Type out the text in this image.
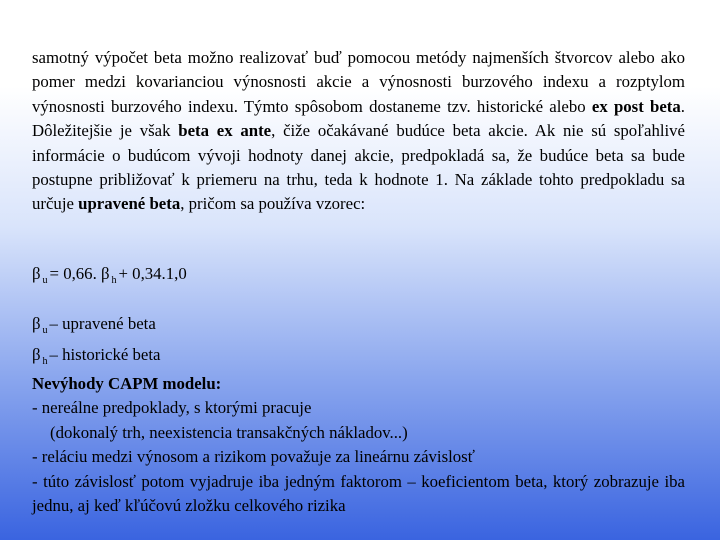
samotný výpočet beta možno realizovať buď pomocou metódy najmenších štvorcov alebo ako pomer medzi kovarianciou výnosnosti akcie a výnosnosti burzového indexu a rozptylom výnosnosti burzového indexu. Týmto spôsobom dostaneme tzv. historické alebo ex post beta. Dôležitejšie je však beta ex ante, čiže očakávané budúce beta akcie. Ak nie sú spoľahlivé informácie o budúcom vývoji hodnoty danej akcie, predpokladá sa, že budúce beta sa bude postupne približovať k priemeru na trhu, teda k hodnote 1. Na základe tohto predpokladu sa určuje upravené beta, pričom sa používa vzorec:
β $_u$ = 0,66. β $_h$ + 0,34.1,0
β $_u$ – upravené beta
β $_h$ – historické beta
Nevýhody CAPM modelu:
- nereálne predpoklady, s ktorými pracuje
(dokonalý trh, neexistencia transakčných nákladov...)
- reláciu medzi výnosom a rizikom považuje za lineárnu závislosť
- túto závislosť potom vyjadruje iba jedným faktorom – koeficientom beta, ktorý zobrazuje iba jednu, aj keď kľúčovú zložku celkového rizika
